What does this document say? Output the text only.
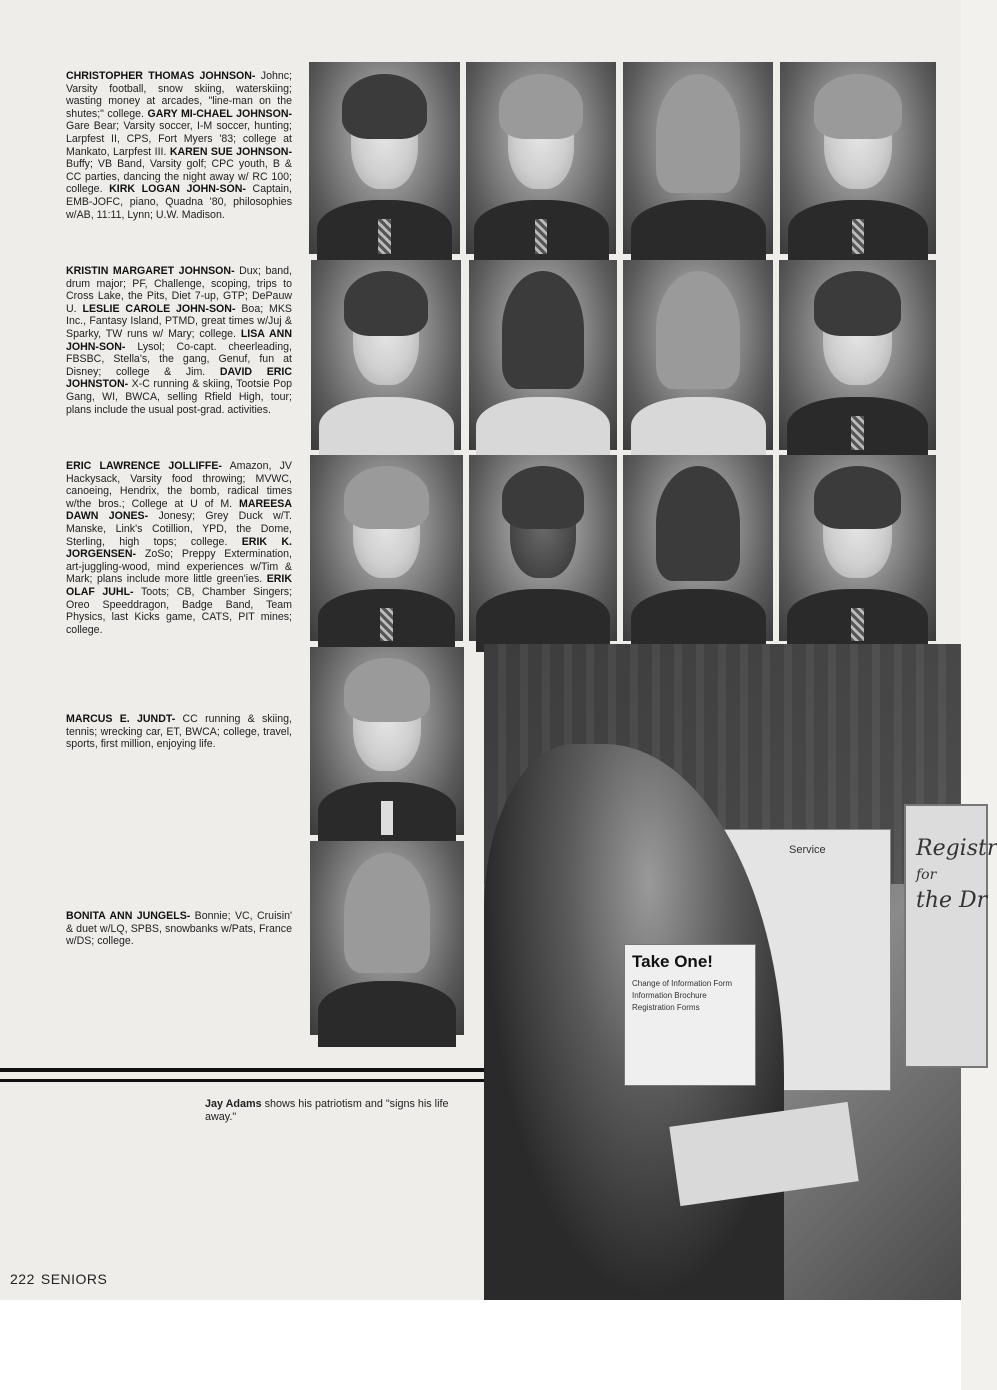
CHRISTOPHER THOMAS JOHNSON- Johnc; Varsity football, snow skiing, waterskiing; wasting money at arcades, "line-man on the shutes;" college. GARY MI-CHAEL JOHNSON- Gare Bear; Varsity soccer, I-M soccer, hunting; Larpfest II, CPS, Fort Myers '83; college at Mankato, Larpfest III. KAREN SUE JOHNSON- Buffy; VB Band, Varsity golf; CPC youth, B & CC parties, dancing the night away w/ RC 100; college. KIRK LOGAN JOHN-SON- Captain, EMB-JOFC, piano, Quadna '80, philosophies w/AB, 11:11, Lynn; U.W. Madison.
KRISTIN MARGARET JOHNSON- Dux; band, drum major; PF, Challenge, scoping, trips to Cross Lake, the Pits, Diet 7-up, GTP; DePauw U. LESLIE CAROLE JOHN-SON- Boa; MKS Inc., Fantasy Island, PTMD, great times w/Juj & Sparky, TW runs w/ Mary; college. LISA ANN JOHN-SON- Lysol; Co-capt. cheerleading, FBSBC, Stella's, the gang, Genuf, fun at Disney; college & Jim. DAVID ERIC JOHNSTON- X-C running & skiing, Tootsie Pop Gang, WI, BWCA, selling Rfield High, tour; plans include the usual post-grad. activities.
ERIC LAWRENCE JOLLIFFE- Amazon, JV Hackysack, Varsity food throwing; MVWC, canoeing, Hendrix, the bomb, radical times w/the bros.; College at U of M. MAREESA DAWN JONES- Jonesy; Grey Duck w/T. Manske, Link's Cotillion, YPD, the Dome, Sterling, high tops; college. ERIK K. JORGENSEN- ZoSo; Preppy Extermination, art-juggling-wood, mind experiences w/Tim & Mark; plans include more little green'ies. ERIK OLAF JUHL- Toots; CB, Chamber Singers; Oreo Speeddragon, Badge Band, Team Physics, last Kicks game, CATS, PIT mines; college.
MARCUS E. JUNDT- CC running & skiing, tennis; wrecking car, ET, BWCA; college, travel, sports, first million, enjoying life.
BONITA ANN JUNGELS- Bonnie; VC, Cruisin' & duet w/LQ, SPBS, snowbanks w/Pats, France w/DS; college.
Jay Adams shows his patriotism and "signs his life away."
Service	Registr
for
the Dr
Take One!
Change of Information Form
Information Brochure
Registration Forms
222 SENIORS
